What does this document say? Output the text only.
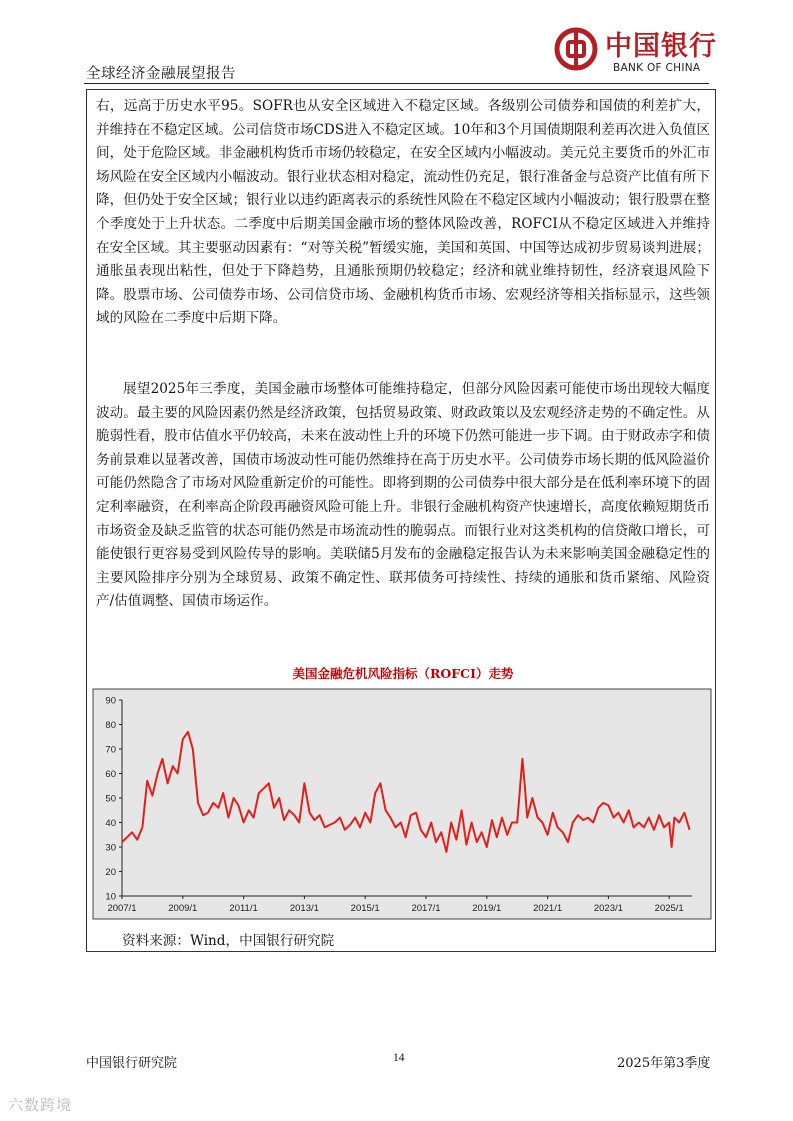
全球经济金融展望报告
中国银行
BANK OF CHINA

右，远高于历史水平95。SOFR也从安全区域进入不稳定区域。各级别公司债券和国债的利差扩大，并维持在不稳定区域。公司信贷市场CDS进入不稳定区域。10年和3个月国债期限利差再次进入负值区间，处于危险区域。非金融机构货币市场仍较稳定，在安全区域内小幅波动。美元兑主要货币的外汇市场风险在安全区域内小幅波动。银行业状态相对稳定，流动性仍充足，银行准备金与总资产比值有所下降，但仍处于安全区域；银行业以违约距离表示的系统性风险在不稳定区域内小幅波动；银行股票在整个季度处于上升状态。二季度中后期美国金融市场的整体风险改善，ROFCI从不稳定区域进入并维持在安全区域。其主要驱动因素有：“对等关税”暂缓实施，美国和英国、中国等达成初步贸易谈判进展；通胀虽表现出粘性，但处于下降趋势，且通胀预期仍较稳定；经济和就业维持韧性，经济衰退风险下降。股票市场、公司债券市场、公司信贷市场、金融机构货币市场、宏观经济等相关指标显示，这些领域的风险在二季度中后期下降。

展望2025年三季度，美国金融市场整体可能维持稳定，但部分风险因素可能使市场出现较大幅度波动。最主要的风险因素仍然是经济政策，包括贸易政策、财政政策以及宏观经济走势的不确定性。从脆弱性看，股市估值水平仍较高，未来在波动性上升的环境下仍然可能进一步下调。由于财政赤字和债务前景难以显著改善，国债市场波动性可能仍然维持在高于历史水平。公司债券市场长期的低风险溢价可能仍然隐含了市场对风险重新定价的可能性。即将到期的公司债券中很大部分是在低利率环境下的固定利率融资，在利率高企阶段再融资风险可能上升。非银行金融机构资产快速增长，高度依赖短期货币市场资金及缺乏监管的状态可能仍然是市场流动性的脆弱点。而银行业对这类机构的信贷敞口增长，可能使银行更容易受到风险传导的影响。美联储5月发布的金融稳定报告认为未来影响美国金融稳定性的主要风险排序分别为全球贸易、政策不确定性、联邦债务可持续性、持续的通胀和货币紧缩、风险资产/估值调整、国债市场运作。

美国金融危机风险指标（ROFCI）走势
10
20
30
40
50
60
70
80
90
2007/1	2009/1	2011/1	2013/1	2015/1	2017/1	2019/1	2021/1	2023/1	2025/1
资料来源：Wind，中国银行研究院
中国银行研究院	14	2025年第3季度
六数跨境
